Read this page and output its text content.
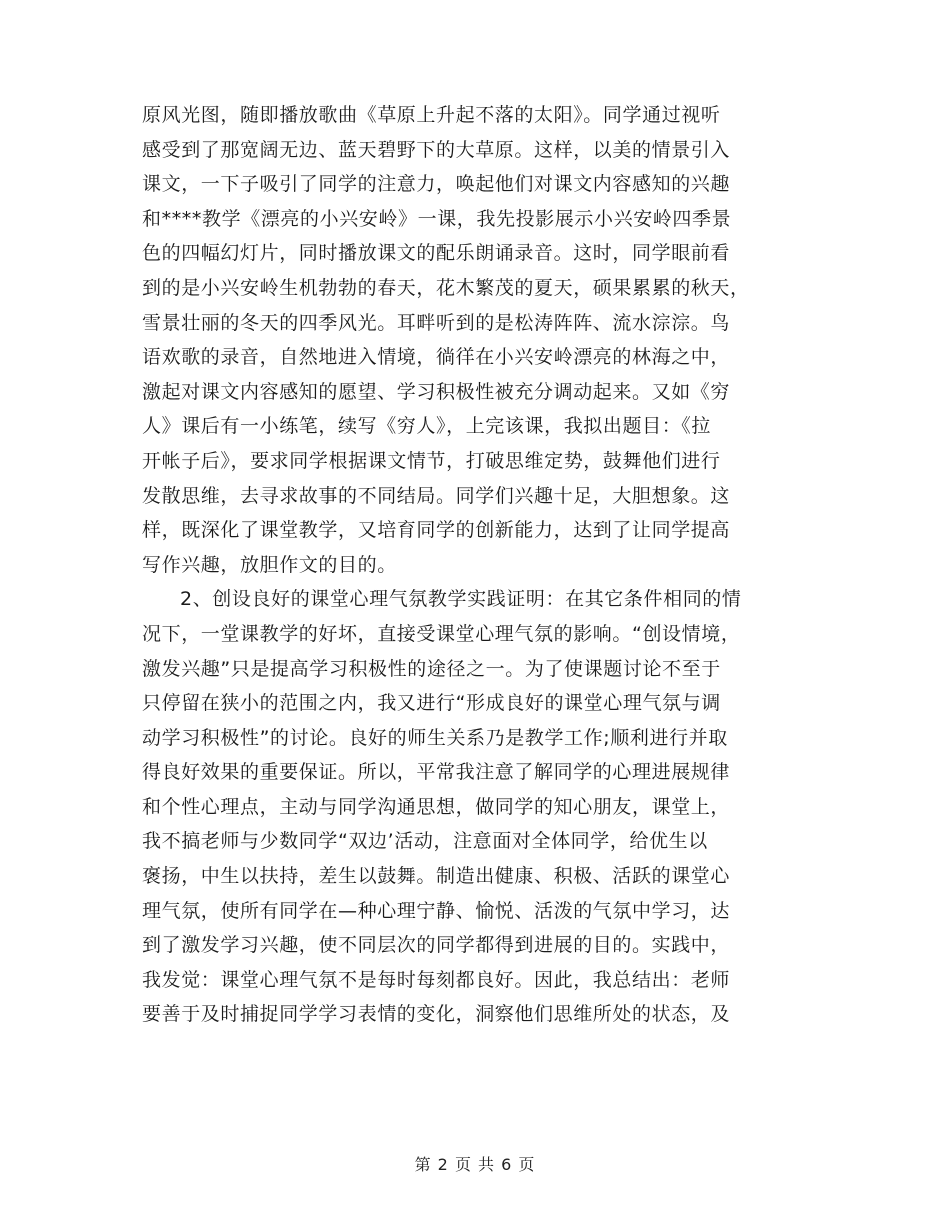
原风光图，随即播放歌曲《草原上升起不落的太阳》。同学通过视听
感受到了那宽阔无边、蓝天碧野下的大草原。这样，以美的情景引入
课文，一下子吸引了同学的注意力，唤起他们对课文内容感知的兴趣
和****教学《漂亮的小兴安岭》一课，我先投影展示小兴安岭四季景
色的四幅幻灯片，同时播放课文的配乐朗诵录音。这时，同学眼前看
到的是小兴安岭生机勃勃的春天，花木繁茂的夏天，硕果累累的秋天，
雪景壮丽的冬天的四季风光。耳畔听到的是松涛阵阵、流水淙淙。鸟
语欢歌的录音，自然地进入情境，徜徉在小兴安岭漂亮的林海之中，
激起对课文内容感知的愿望、学习积极性被充分调动起来。又如《穷
人》课后有一小练笔，续写《穷人》，上完该课，我拟出题目：《拉
开帐子后》，要求同学根据课文情节，打破思维定势，鼓舞他们进行
发散思维，去寻求故事的不同结局。同学们兴趣十足，大胆想象。这
样，既深化了课堂教学，又培育同学的创新能力，达到了让同学提高
写作兴趣，放胆作文的目的。
2、创设良好的课堂心理气氛教学实践证明：在其它条件相同的情
况下，一堂课教学的好坏，直接受课堂心理气氛的影响。“创设情境，
激发兴趣”只是提高学习积极性的途径之一。为了使课题讨论不至于
只停留在狭小的范围之内，我又进行“形成良好的课堂心理气氛与调
动学习积极性”的讨论。良好的师生关系乃是教学工作;顺利进行并取
得良好效果的重要保证。所以，平常我注意了解同学的心理进展规律
和个性心理点，主动与同学沟通思想，做同学的知心朋友，课堂上，
我不搞老师与少数同学“双边’活动，注意面对全体同学，给优生以
褒扬，中生以扶持，差生以鼓舞。制造出健康、积极、活跃的课堂心
理气氛，使所有同学在—种心理宁静、愉悦、活泼的气氛中学习，达
到了激发学习兴趣，使不同层次的同学都得到进展的目的。实践中，
我发觉：课堂心理气氛不是每时每刻都良好。因此，我总结出：老师
要善于及时捕捉同学学习表情的变化，洞察他们思维所处的状态，及
第 2 页 共 6 页
